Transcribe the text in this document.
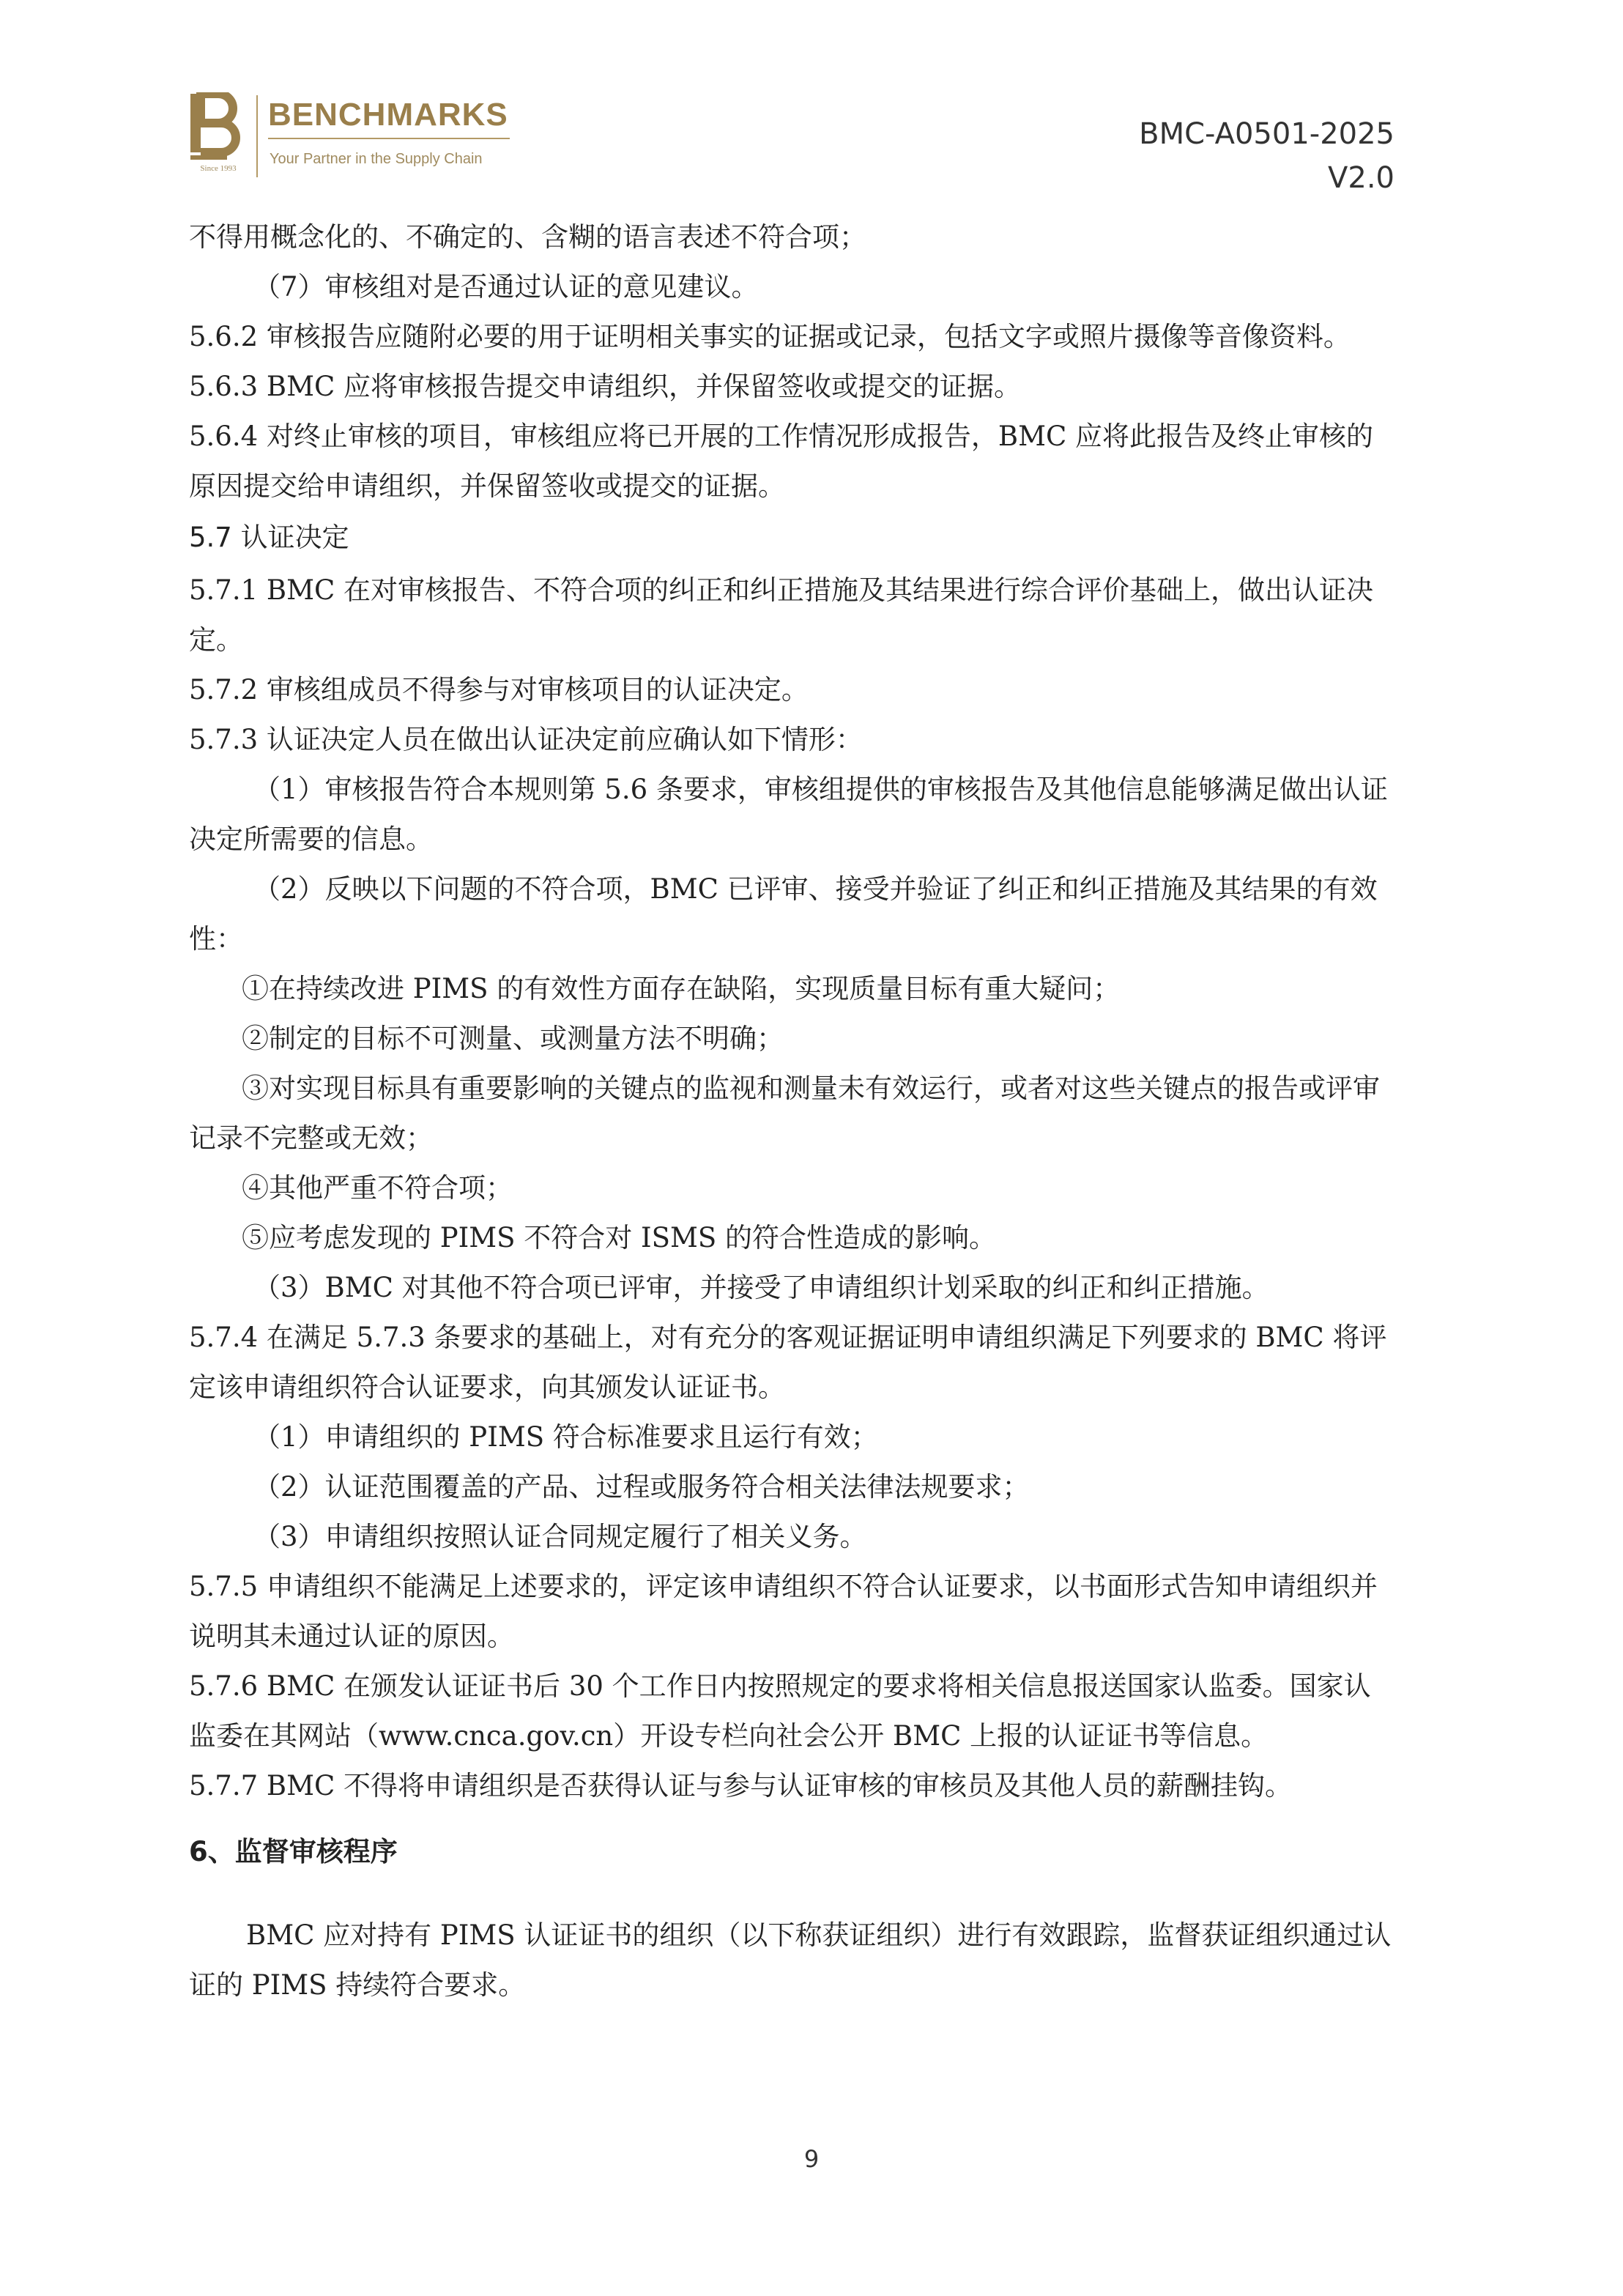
Since 1993
BENCHMARKS
Your Partner in the Supply Chain
BMC-A0501-2025
V2.0

不得用概念化的、不确定的、含糊的语言表述不符合项；

（7）审核组对是否通过认证的意见建议。

5.6.2 审核报告应随附必要的用于证明相关事实的证据或记录，包括文字或照片摄像等音像资料。

5.6.3 BMC 应将审核报告提交申请组织，并保留签收或提交的证据。

5.6.4 对终止审核的项目，审核组应将已开展的工作情况形成报告，BMC 应将此报告及终止审核的原因提交给申请组织，并保留签收或提交的证据。

5.7 认证决定

5.7.1 BMC 在对审核报告、不符合项的纠正和纠正措施及其结果进行综合评价基础上，做出认证决定。

5.7.2 审核组成员不得参与对审核项目的认证决定。

5.7.3 认证决定人员在做出认证决定前应确认如下情形：

（1）审核报告符合本规则第 5.6 条要求，审核组提供的审核报告及其他信息能够满足做出认证决定所需要的信息。

（2）反映以下问题的不符合项，BMC 已评审、接受并验证了纠正和纠正措施及其结果的有效性：

①在持续改进 PIMS 的有效性方面存在缺陷，实现质量目标有重大疑问；

②制定的目标不可测量、或测量方法不明确；

③对实现目标具有重要影响的关键点的监视和测量未有效运行，或者对这些关键点的报告或评审记录不完整或无效；

④其他严重不符合项；

⑤应考虑发现的 PIMS 不符合对 ISMS 的符合性造成的影响。

（3）BMC 对其他不符合项已评审，并接受了申请组织计划采取的纠正和纠正措施。

5.7.4 在满足 5.7.3 条要求的基础上，对有充分的客观证据证明申请组织满足下列要求的 BMC 将评定该申请组织符合认证要求，向其颁发认证证书。

（1）申请组织的 PIMS 符合标准要求且运行有效；

（2）认证范围覆盖的产品、过程或服务符合相关法律法规要求；

（3）申请组织按照认证合同规定履行了相关义务。

5.7.5 申请组织不能满足上述要求的，评定该申请组织不符合认证要求，以书面形式告知申请组织并说明其未通过认证的原因。

5.7.6 BMC 在颁发认证证书后 30 个工作日内按照规定的要求将相关信息报送国家认监委。国家认监委在其网站（www.cnca.gov.cn）开设专栏向社会公开 BMC 上报的认证证书等信息。

5.7.7 BMC 不得将申请组织是否获得认证与参与认证审核的审核员及其他人员的薪酬挂钩。

6、监督审核程序

BMC 应对持有 PIMS 认证证书的组织（以下称获证组织）进行有效跟踪，监督获证组织通过认证的 PIMS 持续符合要求。

9
